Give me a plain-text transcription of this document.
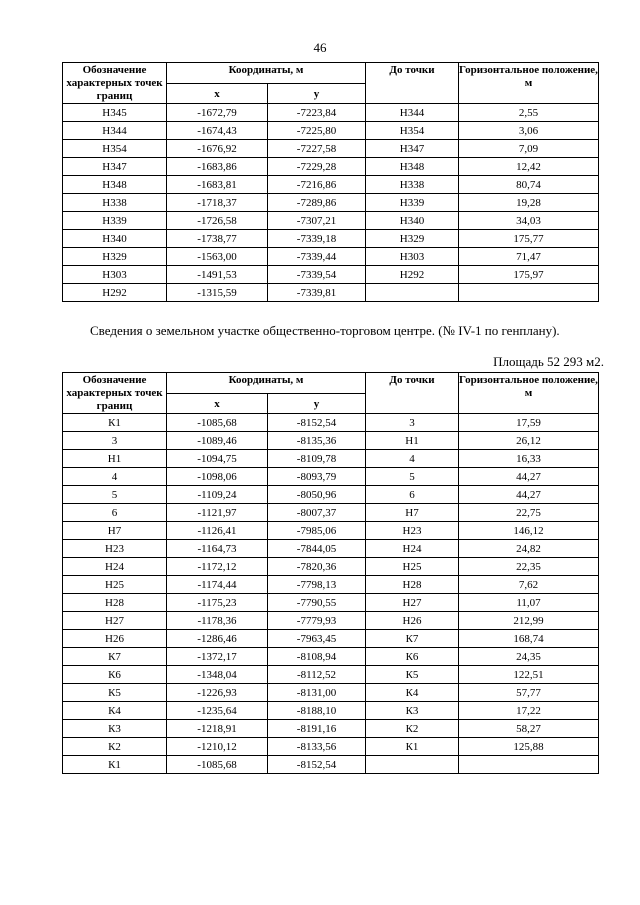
46
Обозначение характерных точек границ	Координаты, м		До точки	Горизонтальное положение, м
	x	y		
Н345	-1672,79	-7223,84	Н344	2,55
Н344	-1674,43	-7225,80	Н354	3,06
Н354	-1676,92	-7227,58	Н347	7,09
Н347	-1683,86	-7229,28	Н348	12,42
Н348	-1683,81	-7216,86	Н338	80,74
Н338	-1718,37	-7289,86	Н339	19,28
Н339	-1726,58	-7307,21	Н340	34,03
Н340	-1738,77	-7339,18	Н329	175,77
Н329	-1563,00	-7339,44	Н303	71,47
Н303	-1491,53	-7339,54	Н292	175,97
Н292	-1315,59	-7339,81		
Сведения о земельном участке общественно-торговом центре. (№ IV-1 по генплану).
Площадь 52 293 м2.
Обозначение характерных точек границ	Координаты, м		До точки	Горизонтальное положение, м
	x	y		
К1	-1085,68	-8152,54	3	17,59
3	-1089,46	-8135,36	Н1	26,12
Н1	-1094,75	-8109,78	4	16,33
4	-1098,06	-8093,79	5	44,27
5	-1109,24	-8050,96	6	44,27
6	-1121,97	-8007,37	Н7	22,75
Н7	-1126,41	-7985,06	Н23	146,12
Н23	-1164,73	-7844,05	Н24	24,82
Н24	-1172,12	-7820,36	Н25	22,35
Н25	-1174,44	-7798,13	Н28	7,62
Н28	-1175,23	-7790,55	Н27	11,07
Н27	-1178,36	-7779,93	Н26	212,99
Н26	-1286,46	-7963,45	К7	168,74
К7	-1372,17	-8108,94	К6	24,35
К6	-1348,04	-8112,52	К5	122,51
К5	-1226,93	-8131,00	К4	57,77
К4	-1235,64	-8188,10	К3	17,22
К3	-1218,91	-8191,16	К2	58,27
К2	-1210,12	-8133,56	К1	125,88
К1	-1085,68	-8152,54		
